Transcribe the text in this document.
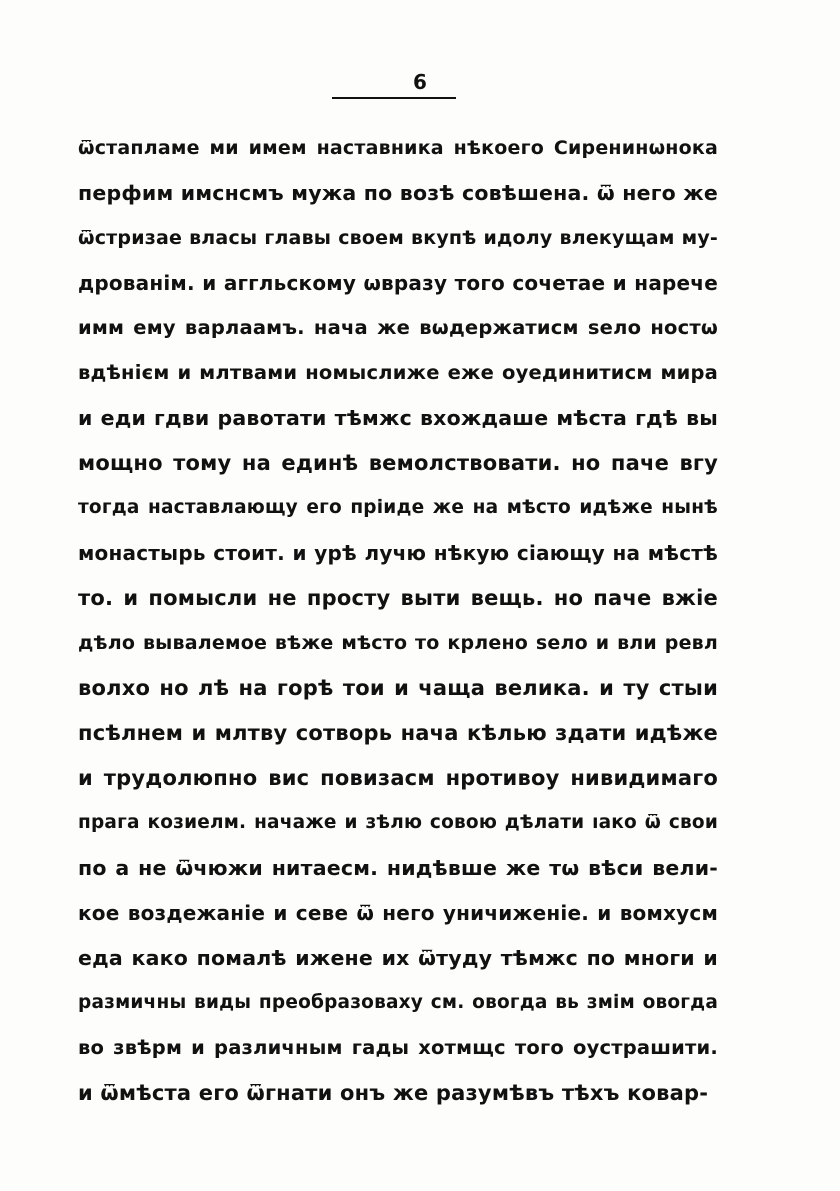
6
ѿстапламе ми имем наставника нѣкоего Сиренинѡнока
перфим имснсмъ мужа по возѣ совѣшена. ѿ него же
ѿстризае власы главы своем вкупѣ идолу влекущам му-
дрованім. и аггльскому ѡвразу того сочетае и нарече
имм ему варлаамъ. нача же вѡдержатисм ѕело ностѡ
вдѣнієм и млтвами номыслиже еже оуединитисм мира
и еди гдви равотати тѣмжс вхождаше мѣста гдѣ вы
мощно тому на единѣ вемолствовати. но паче вгу
тогда наставлающу его пріиде же на мѣсто идѣже нынѣ
монастырь стоит. и урѣ лучю нѣкую сіающу на мѣстѣ
то. и помысли не просту выти вещь. но паче вжіе
дѣло вывалемое вѣже мѣсто то крлено ѕело и вли ревл
волхо но лѣ на горѣ тои и чаща велика. и ту стыи
псѣлнем и млтву сотворь нача кѣлью здати идѣже
и трудолюпно вис повизасм нротивоу нивидимаго
прага козиелм. начаже и зѣлю совою дѣлати ıако ѿ свои
по а не ѿчюжи нитаесм. нидѣвше же тѡ вѣси вели-
кое воздежаніе и севе ѿ него уничиженіе. и вомхусм
еда како помалѣ ижене их ѿтуду тѣмжс по многи и
размичны виды преобразоваху см. овогда вь змім овогда
во звѣрм и различным гады хотмщс того оустрашити.
и ѿмѣста его ѿгнати онъ же разумѣвъ тѣхъ ковар-
